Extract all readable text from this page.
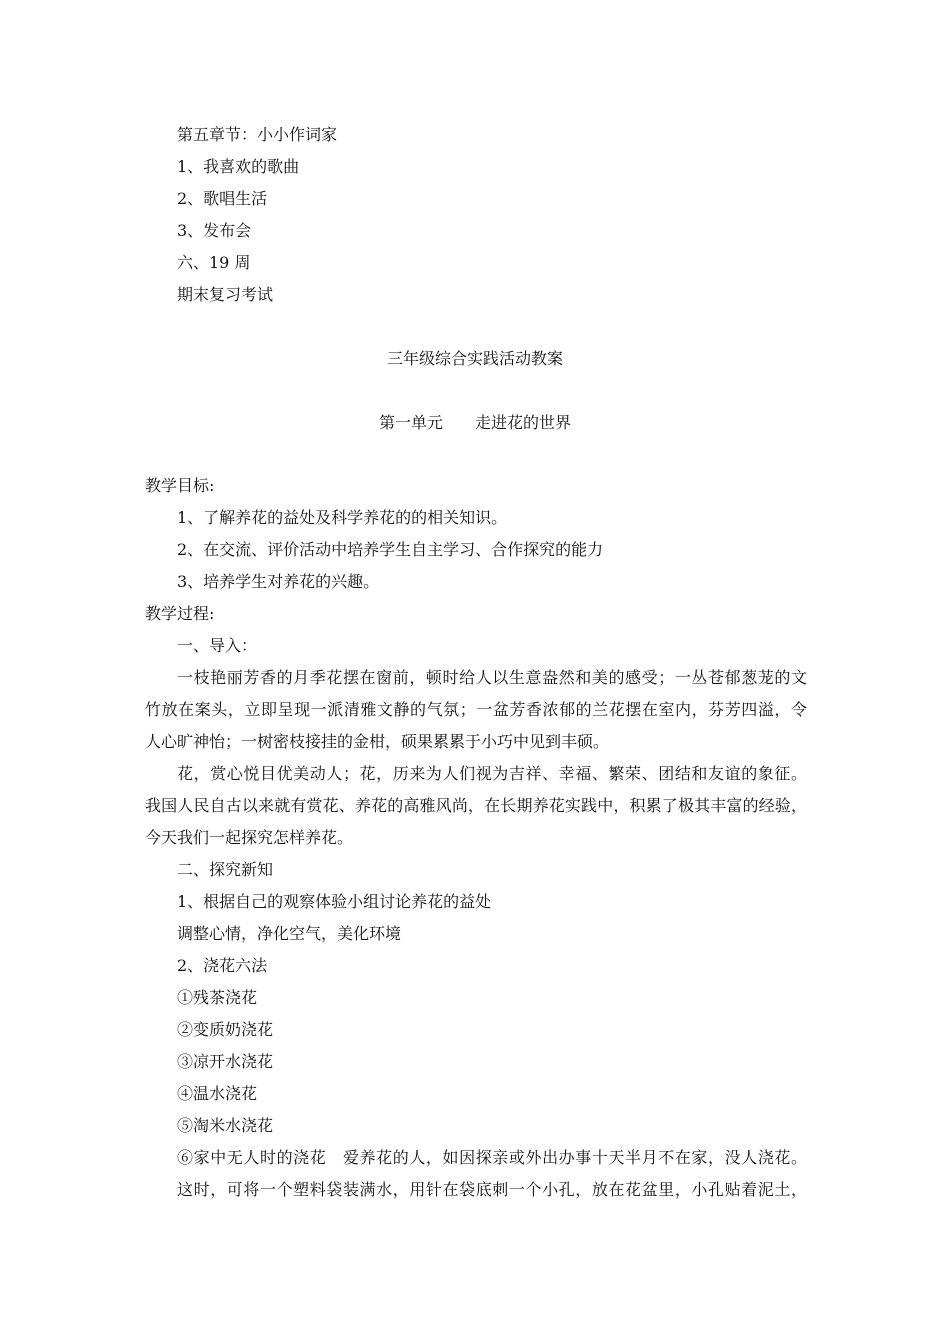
第五章节：小小作词家
1、我喜欢的歌曲
2、歌唱生活
3、发布会
六、19 周
期末复习考试
三年级综合实践活动教案
第一单元　　走进花的世界
教学目标:
1、了解养花的益处及科学养花的的相关知识。
2、在交流、评价活动中培养学生自主学习、合作探究的能力
3、培养学生对养花的兴趣。
教学过程:
一、导入：
一枝艳丽芳香的月季花摆在窗前，顿时给人以生意盎然和美的感受；一丛苍郁葱茏的文
竹放在案头，立即呈现一派清雅文静的气氛；一盆芳香浓郁的兰花摆在室内，芬芳四溢，令
人心旷神怡；一树密枝接挂的金柑，硕果累累于小巧中见到丰硕。
花，赏心悦目优美动人；花，历来为人们视为吉祥、幸福、繁荣、团结和友谊的象征。
我国人民自古以来就有赏花、养花的高雅风尚，在长期养花实践中，积累了极其丰富的经验，
今天我们一起探究怎样养花。
二、探究新知
1、根据自己的观察体验小组讨论养花的益处
调整心情，净化空气，美化环境
2、浇花六法
①残茶浇花
②变质奶浇花
③凉开水浇花
④温水浇花
⑤淘米水浇花
⑥家中无人时的浇花　爱养花的人，如因探亲或外出办事十天半月不在家，没人浇花。
这时，可将一个塑料袋装满水，用针在袋底刺一个小孔，放在花盆里，小孔贴着泥土，
